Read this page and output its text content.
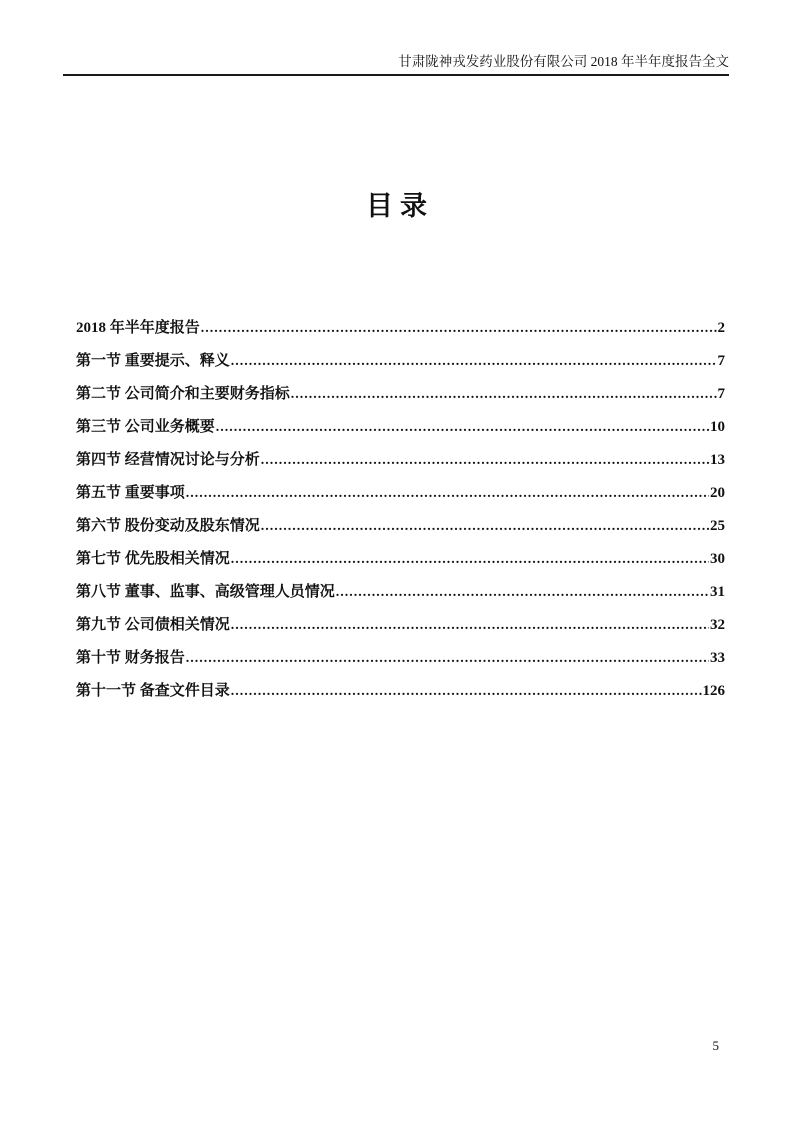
甘肃陇神戎发药业股份有限公司 2018 年半年度报告全文
目录
2018 年半年度报告 .....	2
第一节 重要提示、释义 .....	7
第二节 公司简介和主要财务指标 .....	7
第三节 公司业务概要 .....	10
第四节 经营情况讨论与分析 .....	13
第五节 重要事项 .....	20
第六节 股份变动及股东情况 .....	25
第七节 优先股相关情况 .....	30
第八节 董事、监事、高级管理人员情况 .....	31
第九节 公司债相关情况 .....	32
第十节 财务报告 .....	33
第十一节 备查文件目录 .....	126
5
